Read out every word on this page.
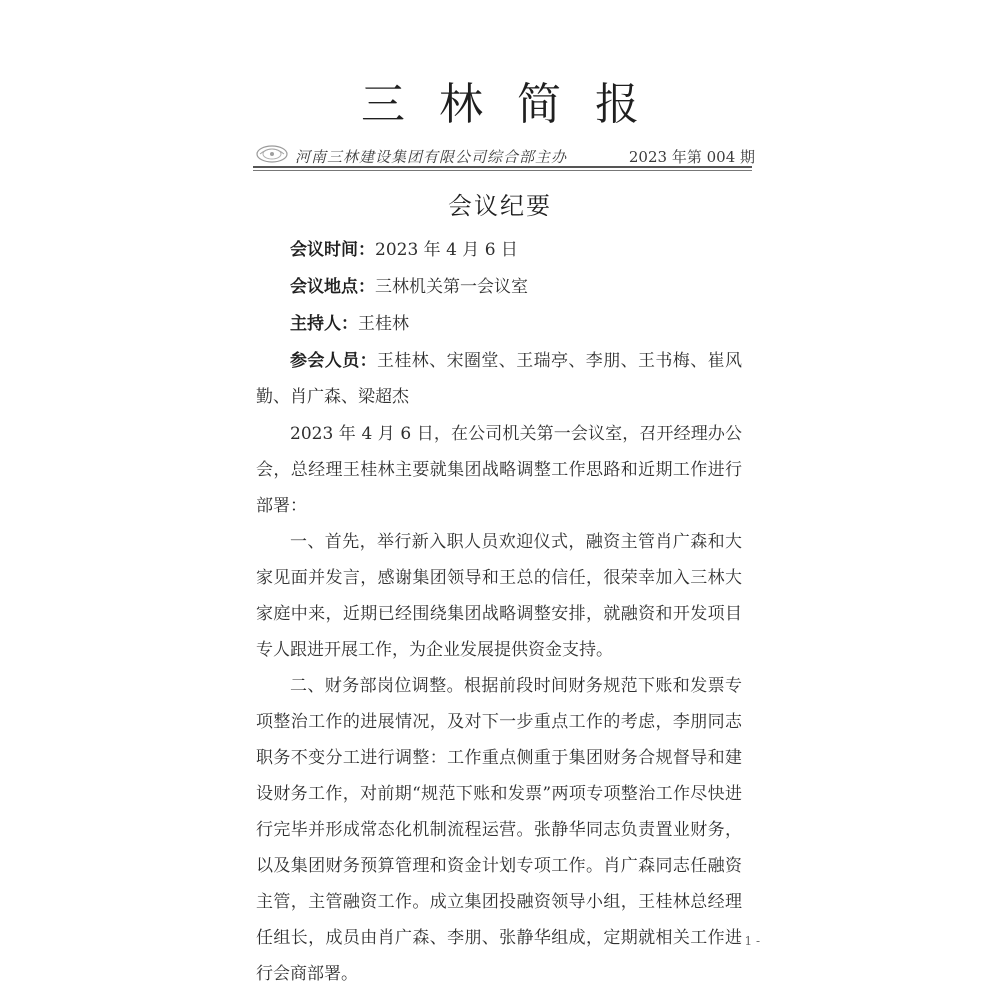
三林简报
河南三林建设集团有限公司综合部主办	2023 年第 004 期
会议纪要

会议时间：2023 年 4 月 6 日

会议地点：三林机关第一会议室

主持人：王桂林

参会人员：王桂林、宋圈堂、王瑞亭、李朋、王书梅、崔风勤、肖广森、梁超杰

2023 年 4 月 6 日，在公司机关第一会议室，召开经理办公会，总经理王桂林主要就集团战略调整工作思路和近期工作进行部署：

一、首先，举行新入职人员欢迎仪式，融资主管肖广森和大家见面并发言，感谢集团领导和王总的信任，很荣幸加入三林大家庭中来，近期已经围绕集团战略调整安排，就融资和开发项目专人跟进开展工作，为企业发展提供资金支持。

二、财务部岗位调整。根据前段时间财务规范下账和发票专项整治工作的进展情况，及对下一步重点工作的考虑，李朋同志职务不变分工进行调整：工作重点侧重于集团财务合规督导和建设财务工作，对前期“规范下账和发票”两项专项整治工作尽快进行完毕并形成常态化机制流程运营。张静华同志负责置业财务，以及集团财务预算管理和资金计划专项工作。肖广森同志任融资主管，主管融资工作。成立集团投融资领导小组，王桂林总经理任组长，成员由肖广森、李朋、张静华组成，定期就相关工作进行会商部署。

- 1 -
